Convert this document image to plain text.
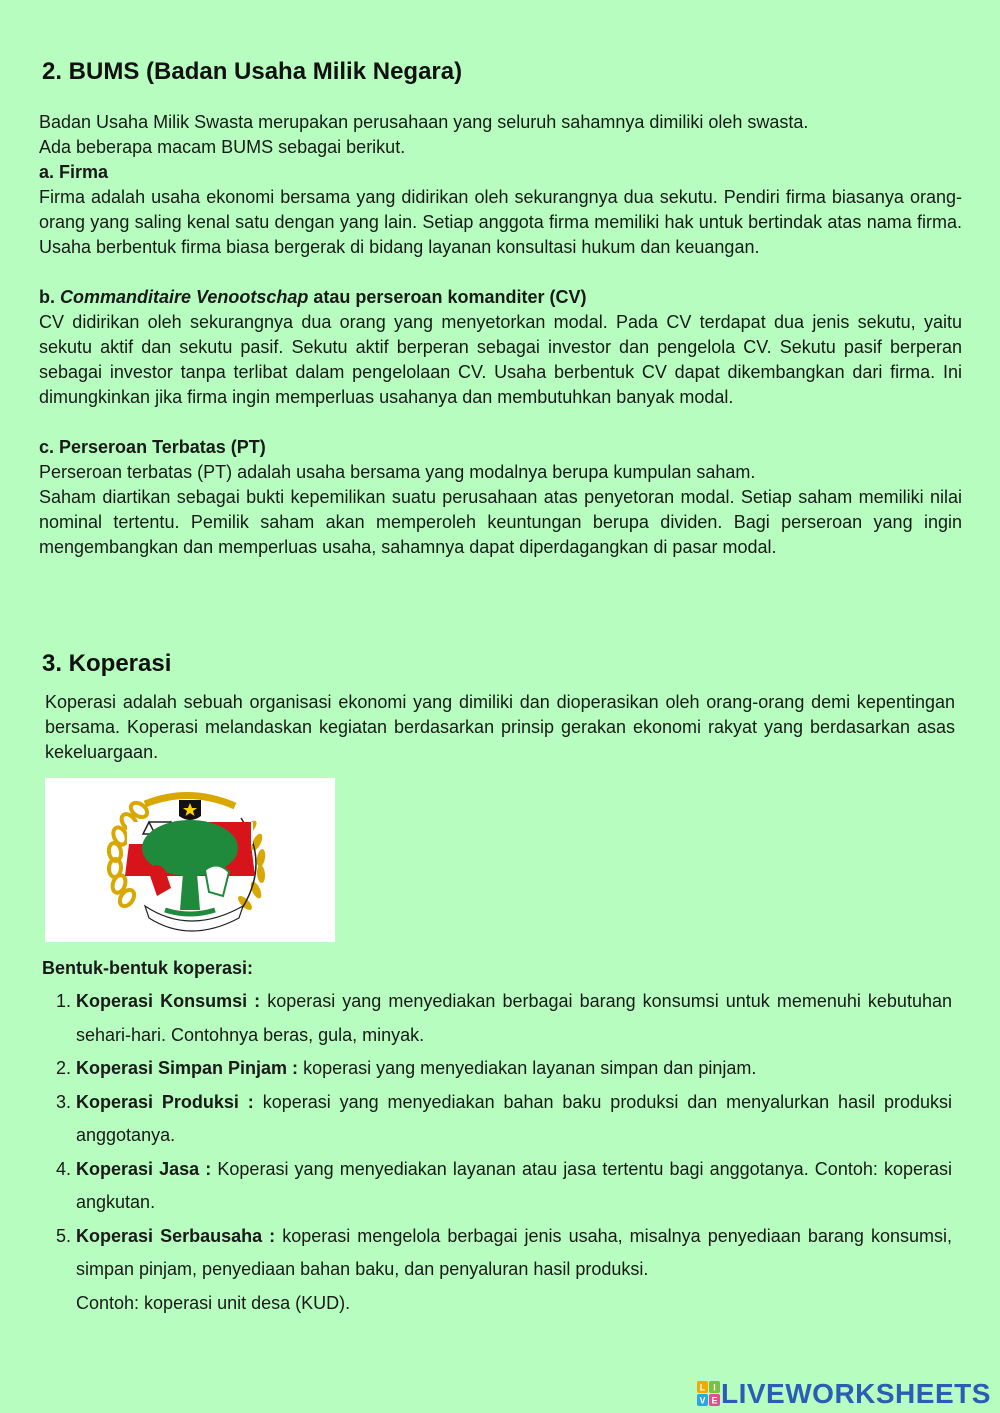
2. BUMS (Badan Usaha Milik Negara)

Badan Usaha Milik Swasta merupakan perusahaan yang seluruh sahamnya dimiliki oleh swasta.

Ada beberapa macam BUMS sebagai berikut.

a. Firma

Firma adalah usaha ekonomi bersama yang didirikan oleh sekurangnya dua sekutu. Pendiri firma biasanya orang-orang yang saling kenal satu dengan yang lain. Setiap anggota firma memiliki hak untuk bertindak atas nama firma. Usaha berbentuk firma biasa bergerak di bidang layanan konsultasi hukum dan keuangan.

b. Commanditaire Venootschap atau perseroan komanditer (CV)

CV didirikan oleh sekurangnya dua orang yang menyetorkan modal. Pada CV terdapat dua jenis sekutu, yaitu sekutu aktif dan sekutu pasif. Sekutu aktif berperan sebagai investor dan pengelola CV. Sekutu pasif berperan sebagai investor tanpa terlibat dalam pengelolaan CV. Usaha berbentuk CV dapat dikembangkan dari firma. Ini dimungkinkan jika firma ingin memperluas usahanya dan membutuhkan banyak modal.

c. Perseroan Terbatas (PT)

Perseroan terbatas (PT) adalah usaha bersama yang modalnya berupa kumpulan saham.

Saham diartikan sebagai bukti kepemilikan suatu perusahaan atas penyetoran modal. Setiap saham memiliki nilai nominal tertentu. Pemilik saham akan memperoleh keuntungan berupa dividen. Bagi perseroan yang ingin mengembangkan dan memperluas usaha, sahamnya dapat diperdagangkan di pasar modal.

3. Koperasi
Koperasi adalah sebuah organisasi ekonomi yang dimiliki dan dioperasikan oleh orang-orang demi kepentingan bersama. Koperasi melandaskan kegiatan berdasarkan prinsip gerakan ekonomi rakyat yang berdasarkan asas kekeluargaan.
Bentuk-bentuk koperasi:
1. Koperasi Konsumsi : koperasi yang menyediakan berbagai barang konsumsi untuk memenuhi kebutuhan sehari-hari. Contohnya beras, gula, minyak.
2. Koperasi Simpan Pinjam : koperasi yang menyediakan layanan simpan dan pinjam.
3. Koperasi Produksi : koperasi yang menyediakan bahan baku produksi dan menyalurkan hasil produksi anggotanya.
4. Koperasi Jasa : Koperasi yang menyediakan layanan atau jasa tertentu bagi anggotanya. Contoh: koperasi angkutan.
5. Koperasi Serbausaha : koperasi mengelola berbagai jenis usaha, misalnya penyediaan barang konsumsi, simpan pinjam, penyediaan bahan baku, dan penyaluran hasil produksi.
Contoh: koperasi unit desa (KUD).
L I
V E LIVEWORKSHEETS
